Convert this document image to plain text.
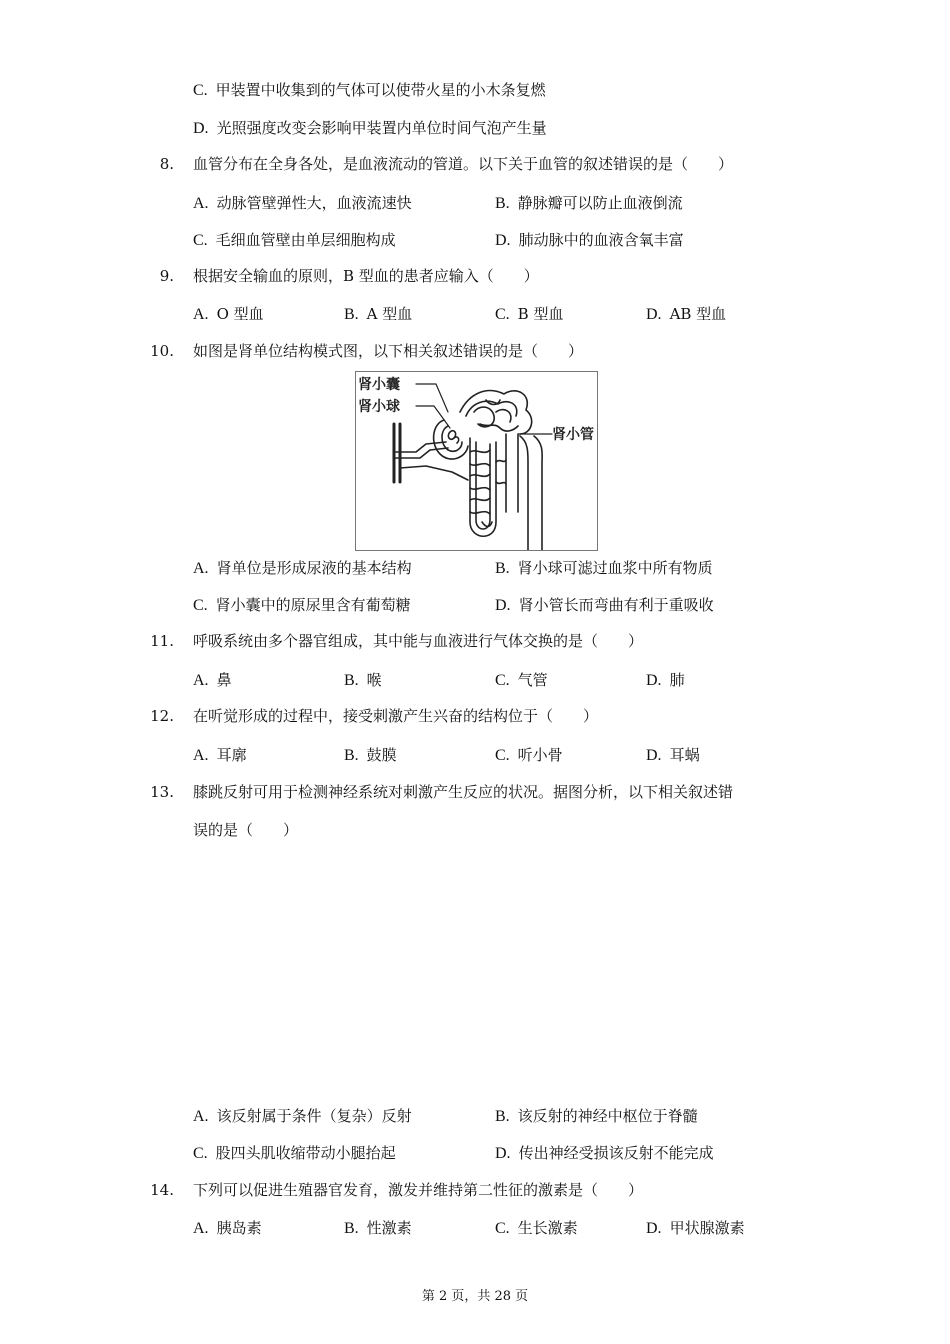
C. 甲装置中收集到的气体可以使带火星的小木条复燃
D. 光照强度改变会影响甲装置内单位时间气泡产生量
8. 血管分布在全身各处，是血液流动的管道。以下关于血管的叙述错误的是（　　）
A. 动脉管壁弹性大，血液流速快	B. 静脉瓣可以防止血液倒流
C. 毛细血管壁由单层细胞构成	D. 肺动脉中的血液含氧丰富
9. 根据安全输血的原则，B 型血的患者应输入（　　）
A. O 型血	B. A 型血	C. B 型血	D. AB 型血
10. 如图是肾单位结构模式图，以下相关叙述错误的是（　　）
肾小囊
肾小球
肾小管
A. 肾单位是形成尿液的基本结构	B. 肾小球可滤过血浆中所有物质
C. 肾小囊中的原尿里含有葡萄糖	D. 肾小管长而弯曲有利于重吸收
11. 呼吸系统由多个器官组成，其中能与血液进行气体交换的是（　　）
A. 鼻	B. 喉	C. 气管	D. 肺
12. 在听觉形成的过程中，接受刺激产生兴奋的结构位于（　　）
A. 耳廓	B. 鼓膜	C. 听小骨	D. 耳蜗
13. 膝跳反射可用于检测神经系统对刺激产生反应的状况。据图分析，以下相关叙述错
误的是（　　）
A. 该反射属于条件（复杂）反射	B. 该反射的神经中枢位于脊髓
C. 股四头肌收缩带动小腿抬起	D. 传出神经受损该反射不能完成
14. 下列可以促进生殖器官发育，激发并维持第二性征的激素是（　　）
A. 胰岛素	B. 性激素	C. 生长激素	D. 甲状腺激素
第 2 页，共 28 页
